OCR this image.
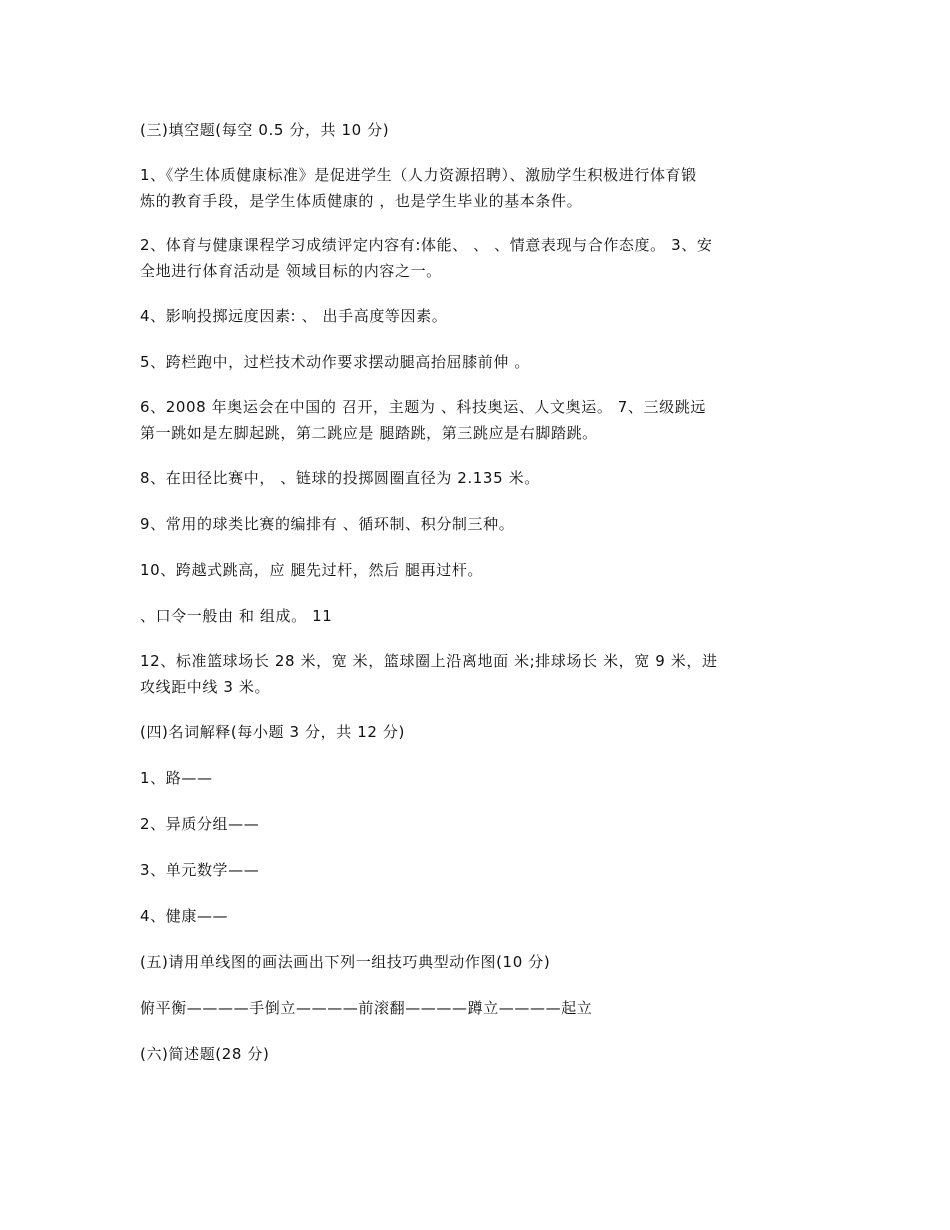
(三)填空题(每空 0.5 分，共 10 分)

1、《学生体质健康标准》是促进学生（人力资源招聘）、激励学生积极进行体育锻

炼的教育手段，是学生体质健康的 ，也是学生毕业的基本条件。

2、体育与健康课程学习成绩评定内容有:体能、 、 、情意表现与合作态度。 3、安

全地进行体育活动是 领域目标的内容之一。

4、影响投掷远度因素: 、 出手高度等因素。

5、跨栏跑中，过栏技术动作要求摆动腿高抬屈膝前伸 。

6、2008 年奥运会在中国的 召开，主题为 、科技奥运、人文奥运。 7、三级跳远

第一跳如是左脚起跳，第二跳应是 腿踏跳，第三跳应是右脚踏跳。

8、在田径比赛中， 、链球的投掷圆圈直径为 2.135 米。

9、常用的球类比赛的编排有 、循环制、积分制三种。

10、跨越式跳高，应 腿先过杆，然后 腿再过杆。

、口令一般由 和 组成。 11

12、标准篮球场长 28 米，宽 米，篮球圈上沿离地面 米;排球场长 米，宽 9 米，进

攻线距中线 3 米。

(四)名词解释(每小题 3 分，共 12 分)

1、路——

2、异质分组——

3、单元数学——

4、健康——

(五)请用单线图的画法画出下列一组技巧典型动作图(10 分)

俯平衡————手倒立————前滚翻————蹲立————起立

(六)简述题(28 分)
